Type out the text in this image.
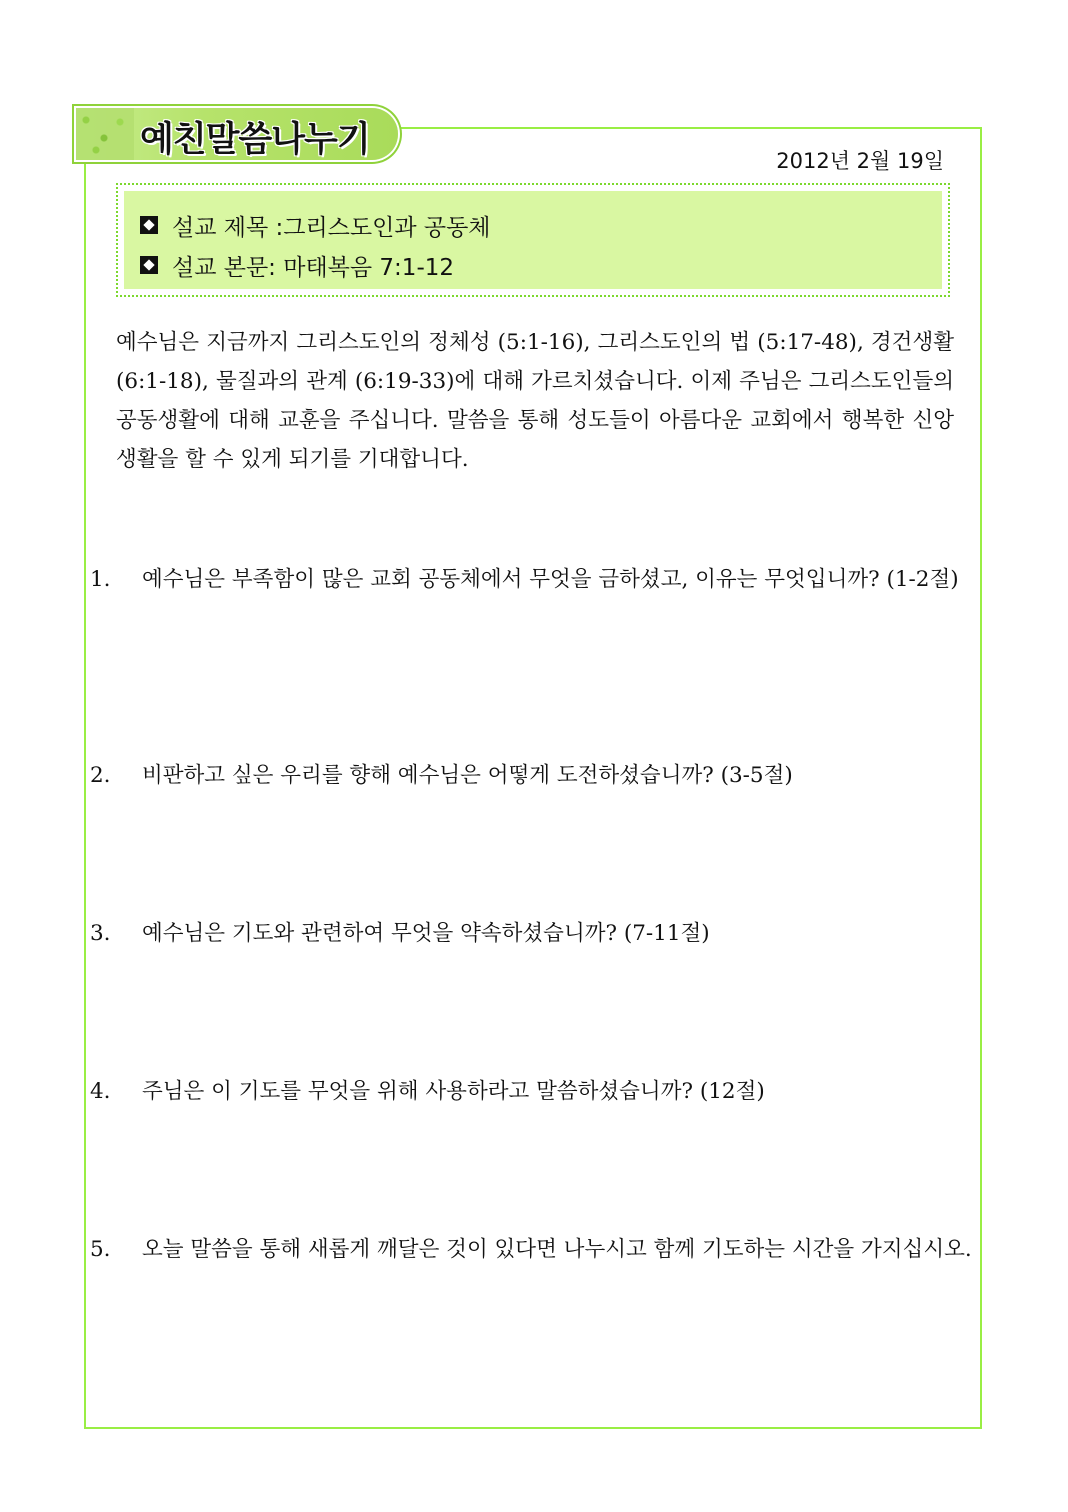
예친말씀나누기
2012년 2월 19일
설교 제목 :그리스도인과 공동체
설교 본문: 마태복음 7:1-12
예수님은 지금까지 그리스도인의 정체성 (5:1-16), 그리스도인의 법 (5:17-48), 경건생활 (6:1-18), 물질과의 관계 (6:19-33)에 대해 가르치셨습니다. 이제 주님은 그리스도인들의 공동생활에 대해 교훈을 주십니다. 말씀을 통해 성도들이 아름다운 교회에서 행복한 신앙생활을 할 수 있게 되기를 기대합니다.
1. 예수님은 부족함이 많은 교회 공동체에서 무엇을 금하셨고, 이유는 무엇입니까? (1-2절)
2. 비판하고 싶은 우리를 향해 예수님은 어떻게 도전하셨습니까? (3-5절)
3. 예수님은 기도와 관련하여 무엇을 약속하셨습니까? (7-11절)
4. 주님은 이 기도를 무엇을 위해 사용하라고 말씀하셨습니까? (12절)
5. 오늘 말씀을 통해 새롭게 깨달은 것이 있다면 나누시고 함께 기도하는 시간을 가지십시오.
